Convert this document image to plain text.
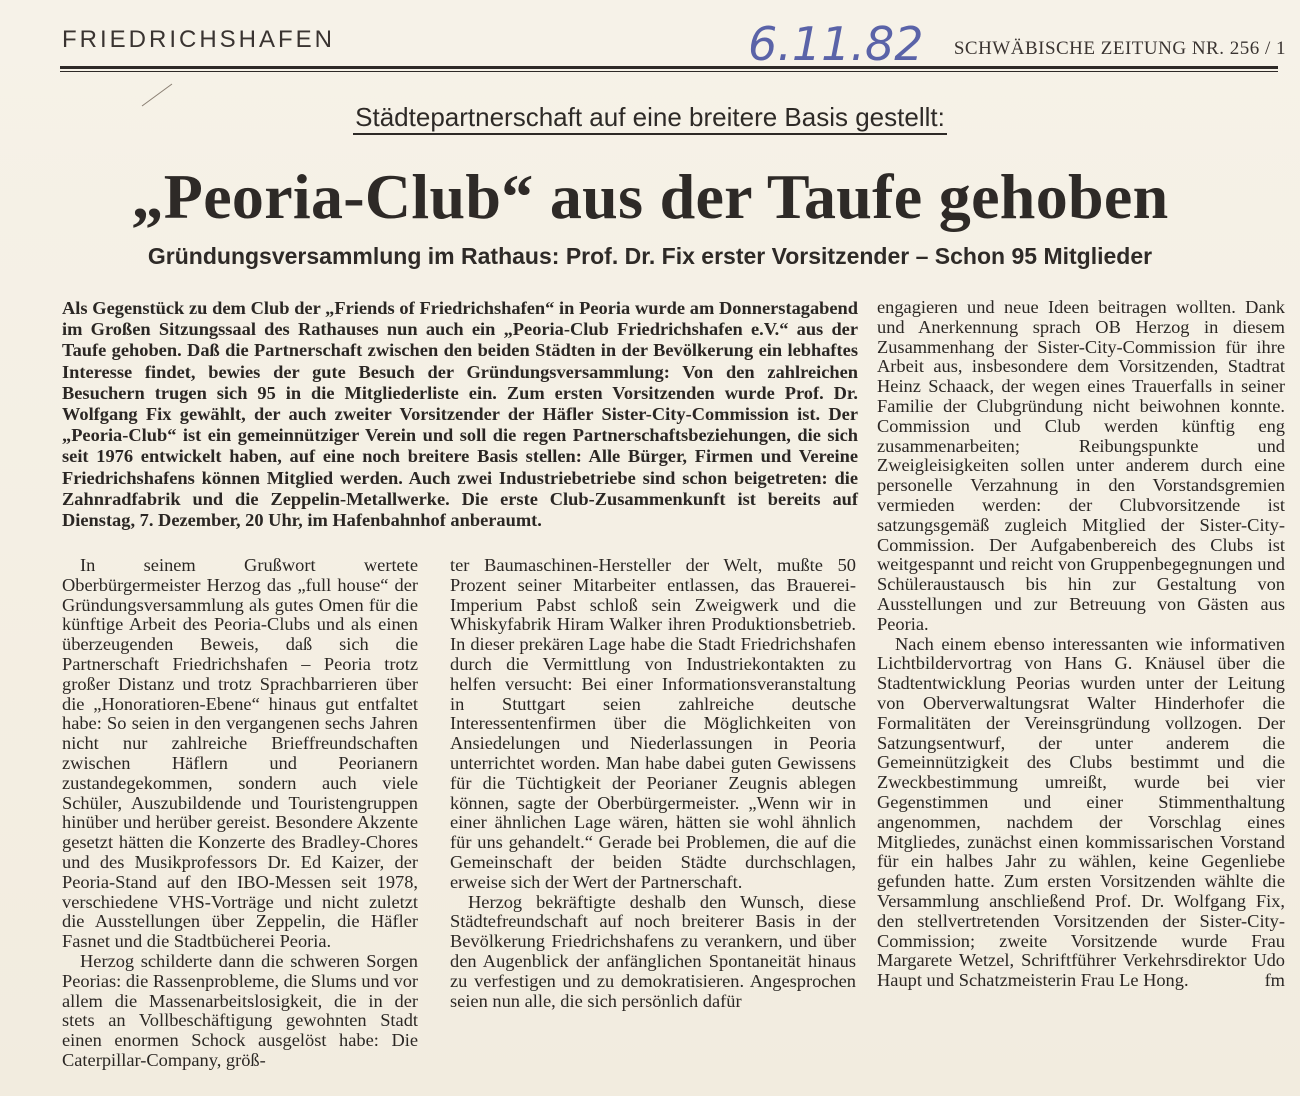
FRIEDRICHSHAFEN	6.11.82 SCHWÄBISCHE ZEITUNG NR. 256 / 1
Städtepartnerschaft auf eine breitere Basis gestellt:
„Peoria-Club“ aus der Taufe gehoben
Gründungsversammlung im Rathaus: Prof. Dr. Fix erster Vorsitzender – Schon 95 Mitglieder
Als Gegenstück zu dem Club der „Friends of Friedrichshafen“ in Peoria wurde am Donnerstagabend im Großen Sitzungssaal des Rathauses nun auch ein „Peoria-Club Friedrichshafen e.V.“ aus der Taufe gehoben. Daß die Partnerschaft zwischen den beiden Städten in der Bevölkerung ein lebhaftes Interesse findet, bewies der gute Besuch der Gründungsversammlung: Von den zahlreichen Besuchern trugen sich 95 in die Mitgliederliste ein. Zum ersten Vorsitzenden wurde Prof. Dr. Wolfgang Fix gewählt, der auch zweiter Vorsitzender der Häfler Sister-City-Commission ist. Der „Peoria-Club“ ist ein gemeinnütziger Verein und soll die regen Partnerschaftsbeziehungen, die sich seit 1976 entwickelt haben, auf eine noch breitere Basis stellen: Alle Bürger, Firmen und Vereine Friedrichshafens können Mitglied werden. Auch zwei Industriebetriebe sind schon beigetreten: die Zahnradfabrik und die Zeppelin-Metallwerke. Die erste Club-Zusammenkunft ist bereits auf Dienstag, 7. Dezember, 20 Uhr, im Hafenbahnhof anberaumt.

In seinem Grußwort wertete Oberbürgermeister Herzog das „full house“ der Gründungsversammlung als gutes Omen für die künftige Arbeit des Peoria-Clubs und als einen überzeugenden Beweis, daß sich die Partnerschaft Friedrichshafen – Peoria trotz großer Distanz und trotz Sprachbarrieren über die „Honoratioren-Ebene“ hinaus gut entfaltet habe: So seien in den vergangenen sechs Jahren nicht nur zahlreiche Brieffreundschaften zwischen Häflern und Peorianern zustandegekommen, sondern auch viele Schüler, Auszubildende und Touristengruppen hinüber und herüber gereist. Besondere Akzente gesetzt hätten die Konzerte des Bradley-Chores und des Musikprofessors Dr. Ed Kaizer, der Peoria-Stand auf den IBO-Messen seit 1978, verschiedene VHS-Vorträge und nicht zuletzt die Ausstellungen über Zeppelin, die Häfler Fasnet und die Stadtbücherei Peoria.

Herzog schilderte dann die schweren Sorgen Peorias: die Rassenprobleme, die Slums und vor allem die Massenarbeitslosigkeit, die in der stets an Vollbeschäftigung gewohnten Stadt einen enormen Schock ausgelöst habe: Die Caterpillar-Company, größ-

ter Baumaschinen-Hersteller der Welt, mußte 50 Prozent seiner Mitarbeiter entlassen, das Brauerei-Imperium Pabst schloß sein Zweigwerk und die Whiskyfabrik Hiram Walker ihren Produktionsbetrieb. In dieser prekären Lage habe die Stadt Friedrichshafen durch die Vermittlung von Industriekontakten zu helfen versucht: Bei einer Informationsveranstaltung in Stuttgart seien zahlreiche deutsche Interessentenfirmen über die Möglichkeiten von Ansiedelungen und Niederlassungen in Peoria unterrichtet worden. Man habe dabei guten Gewissens für die Tüchtigkeit der Peorianer Zeugnis ablegen können, sagte der Oberbürgermeister. „Wenn wir in einer ähnlichen Lage wären, hätten sie wohl ähnlich für uns gehandelt.“ Gerade bei Problemen, die auf die Gemeinschaft der beiden Städte durchschlagen, erweise sich der Wert der Partnerschaft.

Herzog bekräftigte deshalb den Wunsch, diese Städtefreundschaft auf noch breiterer Basis in der Bevölkerung Friedrichshafens zu verankern, und über den Augenblick der anfänglichen Spontaneität hinaus zu verfestigen und zu demokratisieren. Angesprochen seien nun alle, die sich persönlich dafür

engagieren und neue Ideen beitragen wollten. Dank und Anerkennung sprach OB Herzog in diesem Zusammenhang der Sister-City-Commission für ihre Arbeit aus, insbesondere dem Vorsitzenden, Stadtrat Heinz Schaack, der wegen eines Trauerfalls in seiner Familie der Clubgründung nicht beiwohnen konnte. Commission und Club werden künftig eng zusammenarbeiten; Reibungspunkte und Zweigleisigkeiten sollen unter anderem durch eine personelle Verzahnung in den Vorstandsgremien vermieden werden: der Clubvorsitzende ist satzungsgemäß zugleich Mitglied der Sister-City-Commission. Der Aufgabenbereich des Clubs ist weitgespannt und reicht von Gruppenbegegnungen und Schüleraustausch bis hin zur Gestaltung von Ausstellungen und zur Betreuung von Gästen aus Peoria.

Nach einem ebenso interessanten wie informativen Lichtbildervortrag von Hans G. Knäusel über die Stadtentwicklung Peorias wurden unter der Leitung von Oberverwaltungsrat Walter Hinderhofer die Formalitäten der Vereinsgründung vollzogen. Der Satzungsentwurf, der unter anderem die Gemeinnützigkeit des Clubs bestimmt und die Zweckbestimmung umreißt, wurde bei vier Gegenstimmen und einer Stimmenthaltung angenommen, nachdem der Vorschlag eines Mitgliedes, zunächst einen kommissarischen Vorstand für ein halbes Jahr zu wählen, keine Gegenliebe gefunden hatte. Zum ersten Vorsitzenden wählte die Versammlung anschließend Prof. Dr. Wolfgang Fix, den stellvertretenden Vorsitzenden der Sister-City-Commission; zweite Vorsitzende wurde Frau Margarete Wetzel, Schriftführer Verkehrsdirektor Udo Haupt und Schatzmeisterin Frau Le Hong.	fm
